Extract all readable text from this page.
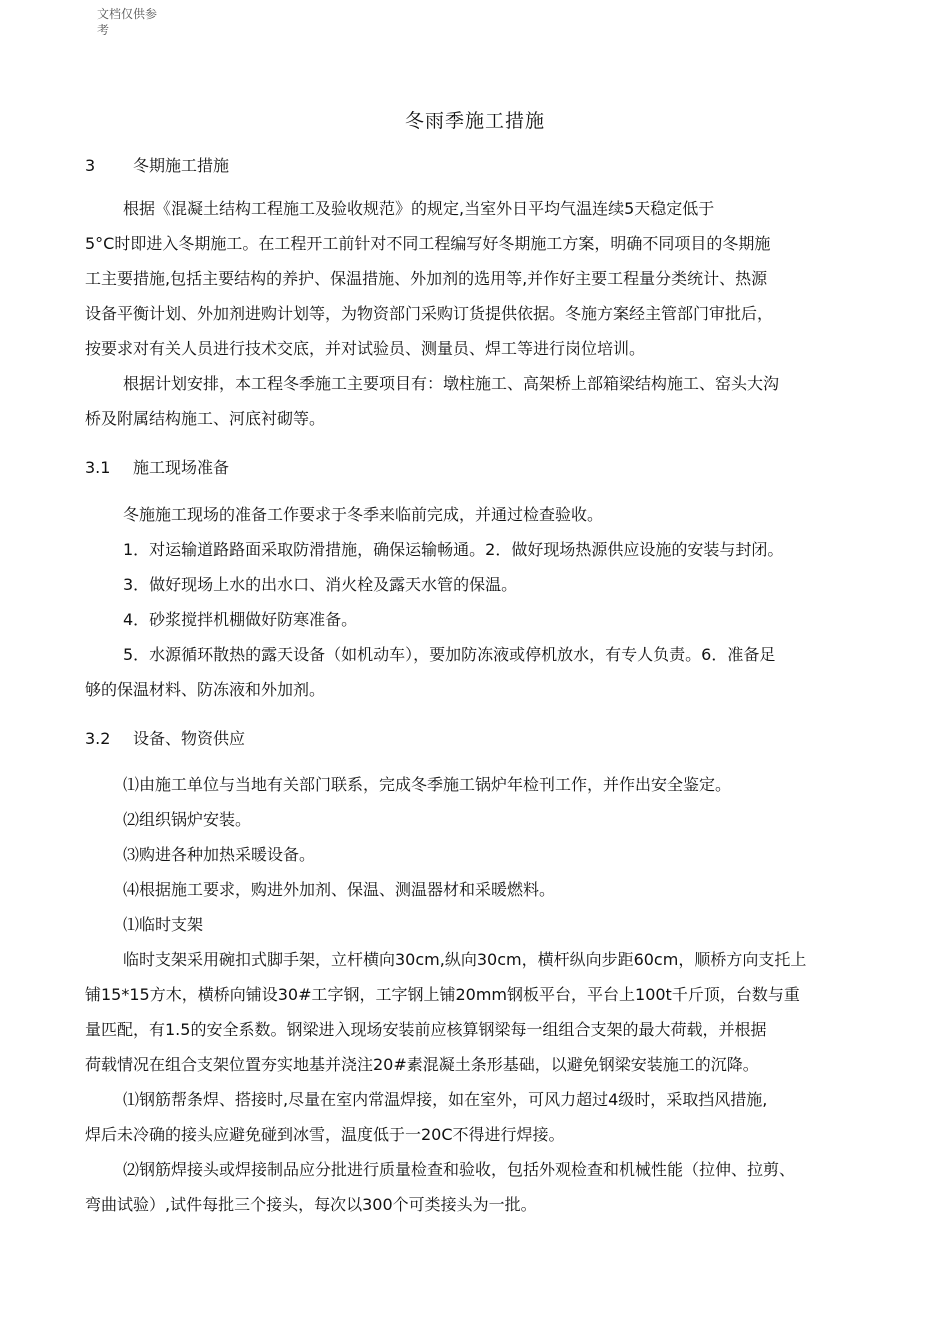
文档仅供参
考
冬雨季施工措施
3 冬期施工措施
根据《混凝土结构工程施工及验收规范》的规定,当室外日平均气温连续5天稳定低于
5°C时即进入冬期施工。在工程开工前针对不同工程编写好冬期施工方案，明确不同项目的冬期施
工主要措施,包括主要结构的养护、保温措施、外加剂的选用等,并作好主要工程量分类统计、热源
设备平衡计划、外加剂进购计划等，为物资部门采购订货提供依据。冬施方案经主管部门审批后，
按要求对有关人员进行技术交底，并对试验员、测量员、焊工等进行岗位培训。
根据计划安排，本工程冬季施工主要项目有：墩柱施工、高架桥上部箱梁结构施工、窑头大沟
桥及附属结构施工、河底衬砌等。
3.1 施工现场准备
冬施施工现场的准备工作要求于冬季来临前完成，并通过检查验收。
1．对运输道路路面采取防滑措施，确保运输畅通。2．做好现场热源供应设施的安装与封闭。
3．做好现场上水的出水口、消火栓及露天水管的保温。
4．砂浆搅拌机棚做好防寒准备。
5．水源循环散热的露天设备（如机动车），要加防冻液或停机放水，有专人负责。6．准备足
够的保温材料、防冻液和外加剂。
3.2 设备、物资供应
⑴由施工单位与当地有关部门联系，完成冬季施工锅炉年检刊工作，并作出安全鉴定。
⑵组织锅炉安装。
⑶购进各种加热采暖设备。
⑷根据施工要求，购进外加剂、保温、测温器材和采暖燃料。
⑴临时支架
临时支架采用碗扣式脚手架，立杆横向30cm,纵向30cm，横杆纵向步距60cm，顺桥方向支托上
铺15*15方木，横桥向铺设30#工字钢，工字钢上铺20mm钢板平台，平台上100t千斤顶，台数与重
量匹配，有1.5的安全系数。钢梁进入现场安装前应核算钢梁每一组组合支架的最大荷载，并根据
荷载情况在组合支架位置夯实地基并浇注20#素混凝土条形基础，以避免钢梁安装施工的沉降。
⑴钢筋帮条焊、搭接时,尽量在室内常温焊接，如在室外，可风力超过4级时，采取挡风措施,
焊后未冷确的接头应避免碰到冰雪，温度低于一20C不得进行焊接。
⑵钢筋焊接头或焊接制品应分批进行质量检查和验收，包括外观检查和机械性能（拉伸、拉剪、
弯曲试验）,试件每批三个接头，每次以300个可类接头为一批。
